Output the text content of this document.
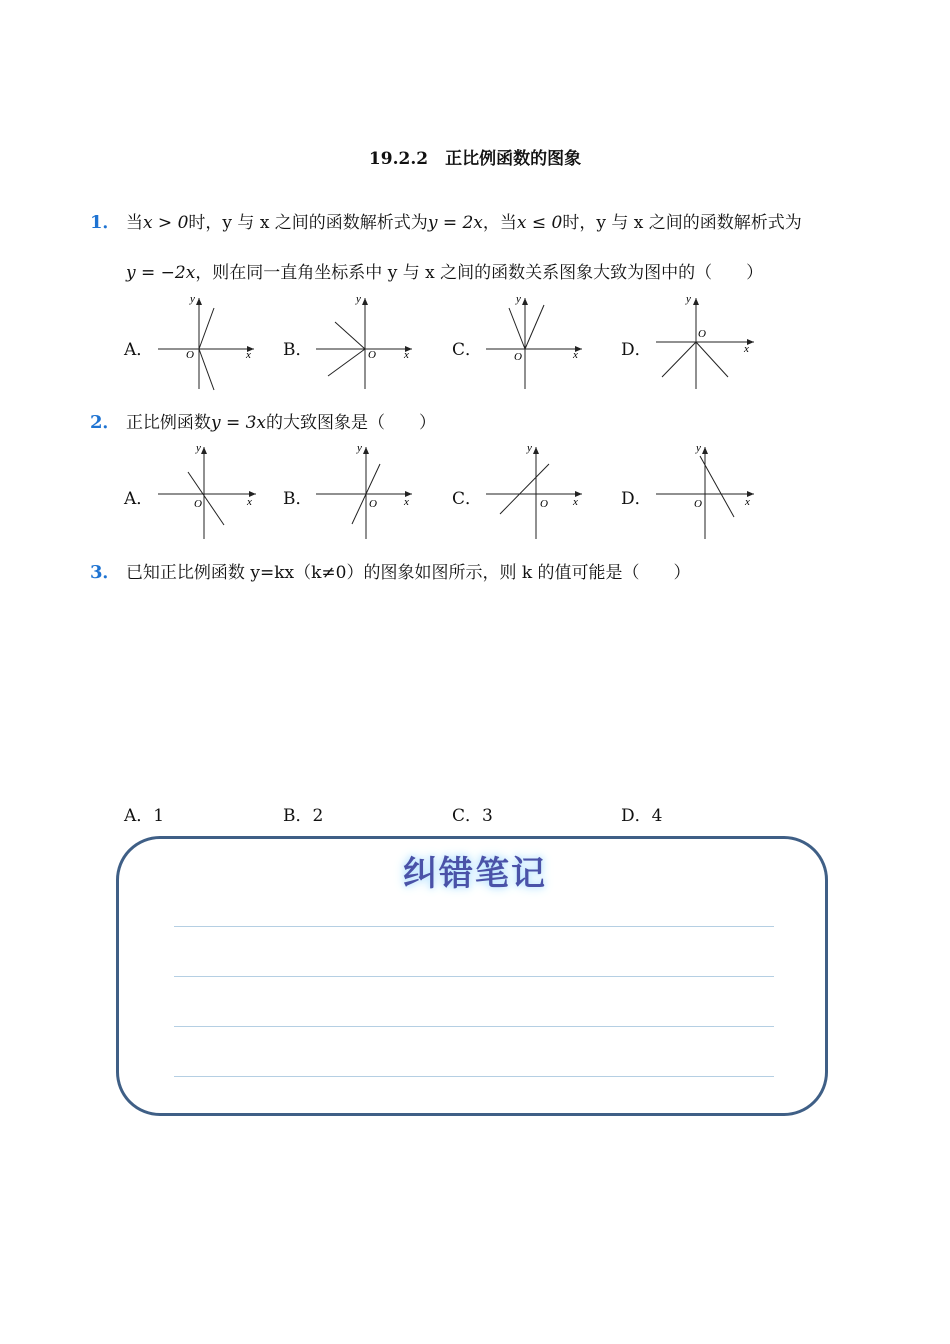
19.2.2　正比例函数的图象
1． 当x > 0时，y 与 x 之间的函数解析式为y = 2x，当x ≤ 0时，y 与 x 之间的函数解析式为
y = −2x，则在同一直角坐标系中 y 与 x 之间的函数关系图象大致为图中的（　　）
A．	B．	C．	D．
y
x
O
y
x
O
y
x
O
y
x
O
2． 正比例函数y = 3x的大致图象是（　　）
A．	B．	C．	D．
y
x
O
y
x
O
y
x
O
y
x
O
3． 已知正比例函数 y=kx（k≠0）的图象如图所示，则 k 的值可能是（　　）
A．1	B．2	C．3	D．4
纠错笔记
